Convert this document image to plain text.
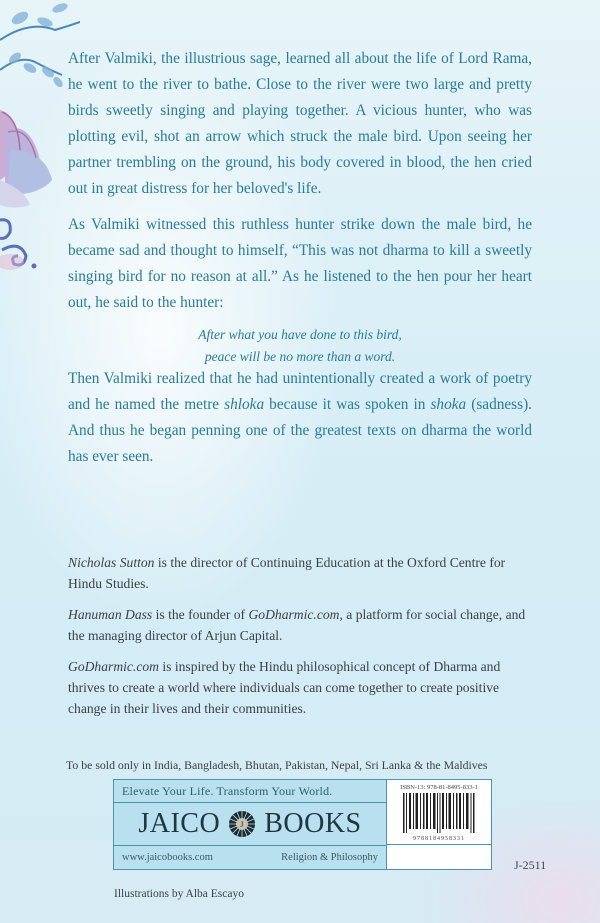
After Valmiki, the illustrious sage, learned all about the life of Lord Rama, he went to the river to bathe. Close to the river were two large and pretty birds sweetly singing and playing together. A vicious hunter, who was plotting evil, shot an arrow which struck the male bird. Upon seeing her partner trembling on the ground, his body covered in blood, the hen cried out in great distress for her beloved's life.

As Valmiki witnessed this ruthless hunter strike down the male bird, he became sad and thought to himself, “This was not dharma to kill a sweetly singing bird for no reason at all.” As he listened to the hen pour her heart out, he said to the hunter:

After what you have done to this bird,
peace will be no more than a word.

Then Valmiki realized that he had unintentionally created a work of poetry and he named the metre shloka because it was spoken in shoka (sadness). And thus he began penning one of the greatest texts on dharma the world has ever seen.

Nicholas Sutton is the director of Continuing Education at the Oxford Centre for Hindu Studies.
Hanuman Dass is the founder of GoDharmic.com, a platform for social change, and the managing director of Arjun Capital.
GoDharmic.com is inspired by the Hindu philosophical concept of Dharma and thrives to create a world where individuals can come together to create positive change in their lives and their communities.
To be sold only in India, Bangladesh, Bhutan, Pakistan, Nepal, Sri Lanka & the Maldives
Elevate Your Life. Transform Your World.
JAICO	J BOOKS
www.jaicobooks.com	Religion & Philosophy
ISBN-13: 978-81-8495-833-1
9788184958331
J-2511
Illustrations by Alba Escayo
